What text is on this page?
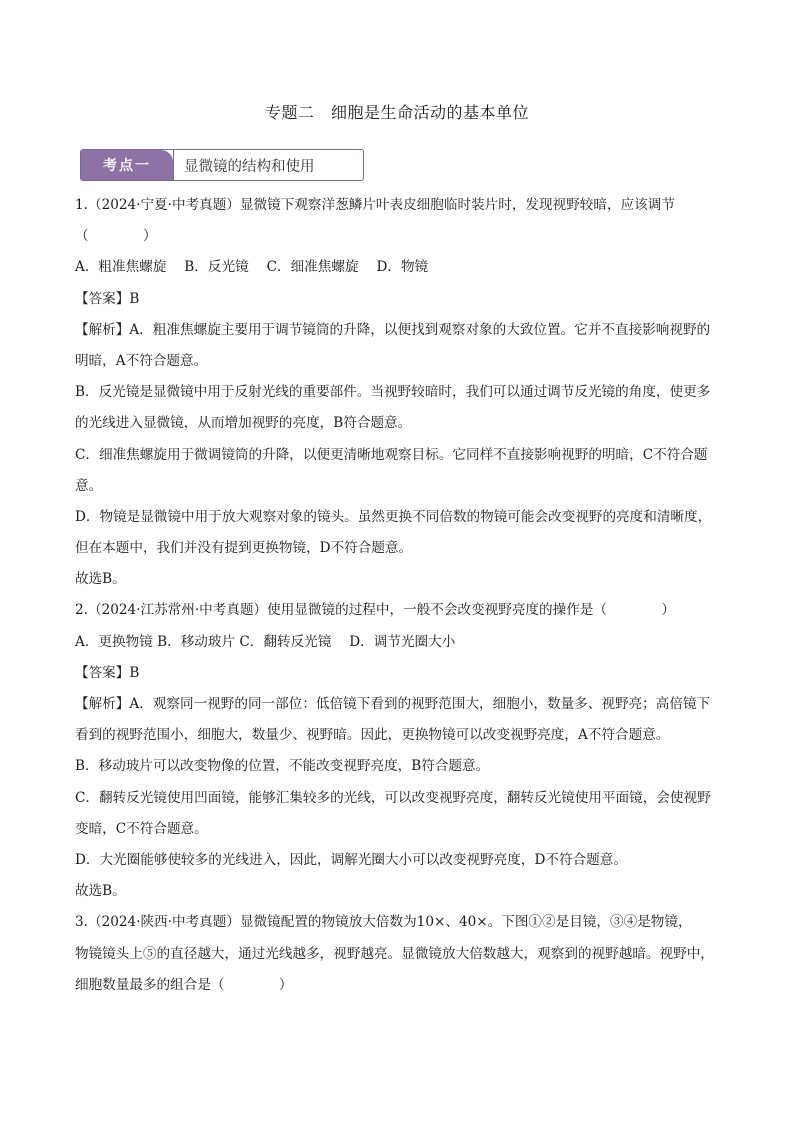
专题二　细胞是生命活动的基本单位
考点一	显微镜的结构和使用
1.（2024·宁夏·中考真题）显微镜下观察洋葱鳞片叶表皮细胞临时装片时，发现视野较暗，应该调节
（　　　　）
A．粗准焦螺旋　 B．反光镜　 C．细准焦螺旋　 D．物镜
【答案】B
【解析】A．粗准焦螺旋主要用于调节镜筒的升降，以便找到观察对象的大致位置。它并不直接影响视野的
明暗，A不符合题意。
B．反光镜是显微镜中用于反射光线的重要部件。当视野较暗时，我们可以通过调节反光镜的角度，使更多
的光线进入显微镜，从而增加视野的亮度，B符合题意。
C．细准焦螺旋用于微调镜筒的升降，以便更清晰地观察目标。它同样不直接影响视野的明暗，C不符合题
意。
D．物镜是显微镜中用于放大观察对象的镜头。虽然更换不同倍数的物镜可能会改变视野的亮度和清晰度，
但在本题中，我们并没有提到更换物镜，D不符合题意。
故选B。
2.（2024·江苏常州·中考真题）使用显微镜的过程中，一般不会改变视野亮度的操作是（　　　　）
A．更换物镜 B．移动玻片 C．翻转反光镜　 D．调节光圈大小
【答案】B
【解析】A．观察同一视野的同一部位：低倍镜下看到的视野范围大，细胞小，数量多、视野亮；高倍镜下
看到的视野范围小，细胞大，数量少、视野暗。因此，更换物镜可以改变视野亮度，A不符合题意。
B．移动玻片可以改变物像的位置，不能改变视野亮度，B符合题意。
C．翻转反光镜使用凹面镜，能够汇集较多的光线，可以改变视野亮度，翻转反光镜使用平面镜，会使视野
变暗，C不符合题意。
D．大光圈能够使较多的光线进入，因此，调解光圈大小可以改变视野亮度，D不符合题意。
故选B。
3.（2024·陕西·中考真题）显微镜配置的物镜放大倍数为10×、40×。下图①②是目镜，③④是物镜，
物镜镜头上⑤的直径越大，通过光线越多，视野越亮。显微镜放大倍数越大，观察到的视野越暗。视野中，
细胞数量最多的组合是（　　　　）
